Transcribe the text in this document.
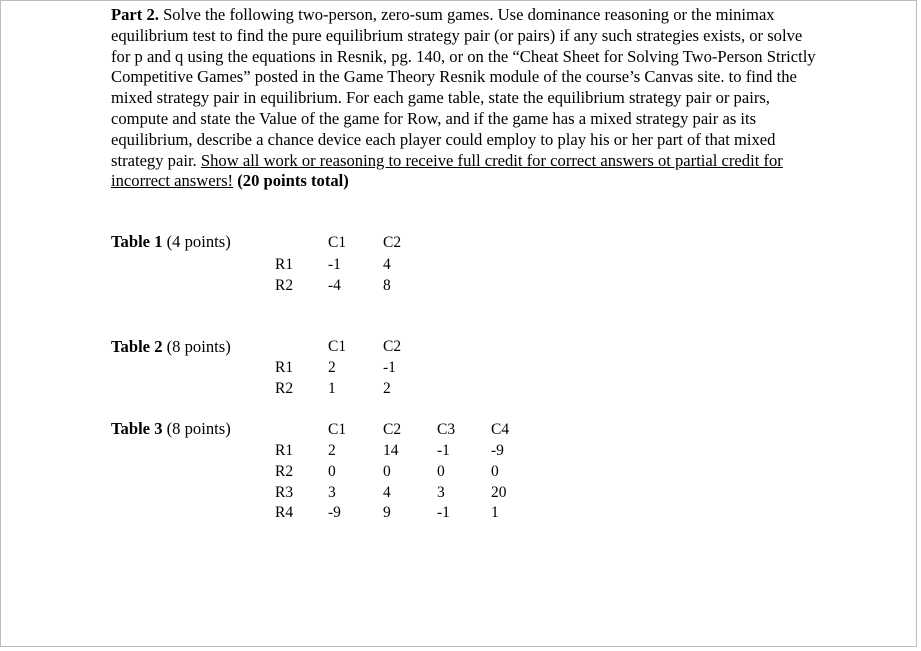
Part 2. Solve the following two-person, zero-sum games. Use dominance reasoning or the minimax equilibrium test to find the pure equilibrium strategy pair (or pairs) if any such strategies exists, or solve for p and q using the equations in Resnik, pg. 140, or on the “Cheat Sheet for Solving Two-Person Strictly Competitive Games” posted in the Game Theory Resnik module of the course’s Canvas site. to find the mixed strategy pair in equilibrium. For each game table, state the equilibrium strategy pair or pairs, compute and state the Value of the game for Row, and if the game has a mixed strategy pair as its equilibrium, describe a chance device each player could employ to play his or her part of that mixed strategy pair. Show all work or reasoning to receive full credit for correct answers ot partial credit for incorrect answers! (20 points total)
Table 1 (4 points)	C1 C2
R1 -1	4
R2 -4	8
Table 2 (8 points)	C1 C2
R1 2	-1
R2 1	2
Table 3 (8 points)	C1 C2 C3 C4
R1 2	14 -1	-9
R2 0	0	0	0
R3 3	4	3	20
R4 -9	9	-1	1
